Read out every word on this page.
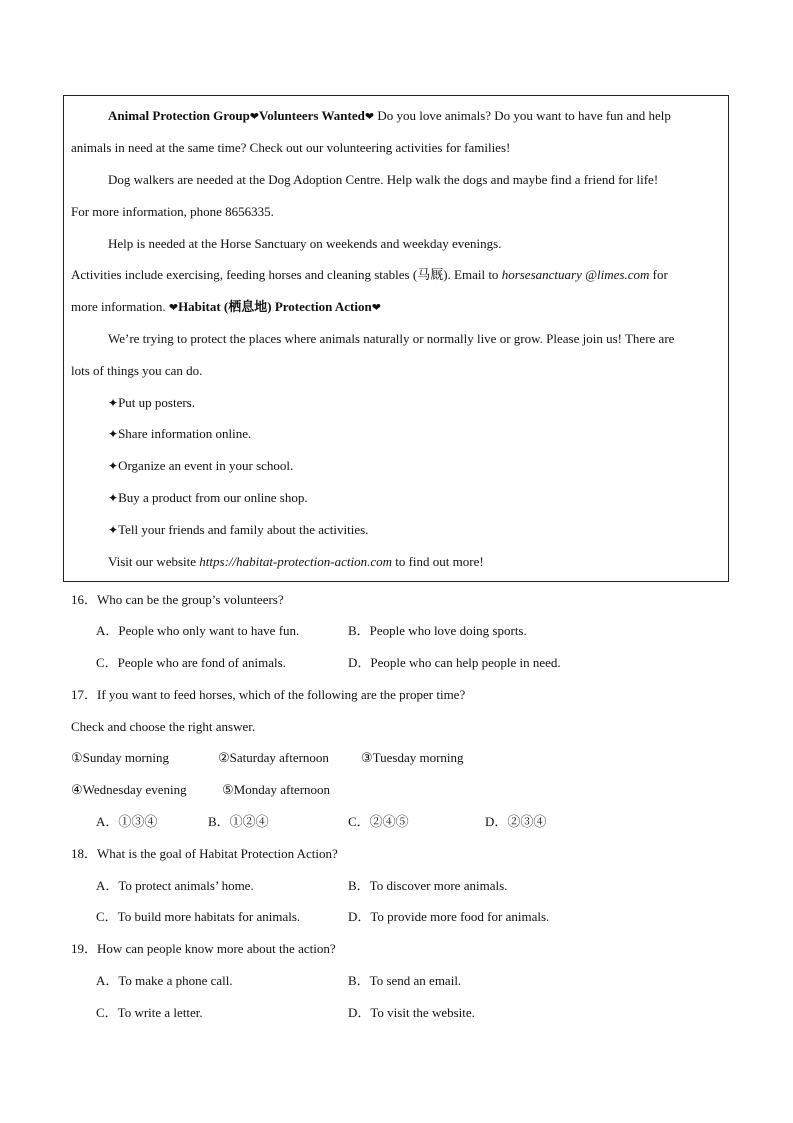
Animal Protection Group❤Volunteers Wanted❤ Do you love animals? Do you want to have fun and help
animals in need at the same time? Check out our volunteering activities for families!
Dog walkers are needed at the Dog Adoption Centre. Help walk the dogs and maybe find a friend for life!
For more information, phone 8656335.
Help is needed at the Horse Sanctuary on weekends and weekday evenings.
Activities include exercising, feeding horses and cleaning stables (马厩). Email to horsesanctuary @limes.com for
more information. ❤Habitat (栖息地) Protection Action❤
We’re trying to protect the places where animals naturally or normally live or grow. Please join us! There are
lots of things you can do.
✦Put up posters.
✦Share information online.
✦Organize an event in your school.
✦Buy a product from our online shop.
✦Tell your friends and family about the activities.
Visit our website https://habitat-protection-action.com to find out more!
16．Who can be the group’s volunteers?
A．People who only want to have fun.	B．People who love doing sports.
C．People who are fond of animals.	D．People who can help people in need.
17．If you want to feed horses, which of the following are the proper time?
Check and choose the right answer.
①Sunday morning	②Saturday afternoon ③Tuesday morning
④Wednesday evening	⑤Monday afternoon
A．①③④	B．①②④	C．②④⑤	D．②③④
18．What is the goal of Habitat Protection Action?
A．To protect animals’ home.	B．To discover more animals.
C．To build more habitats for animals.	D．To provide more food for animals.
19．How can people know more about the action?
A．To make a phone call.	B．To send an email.
C．To write a letter.	D．To visit the website.
